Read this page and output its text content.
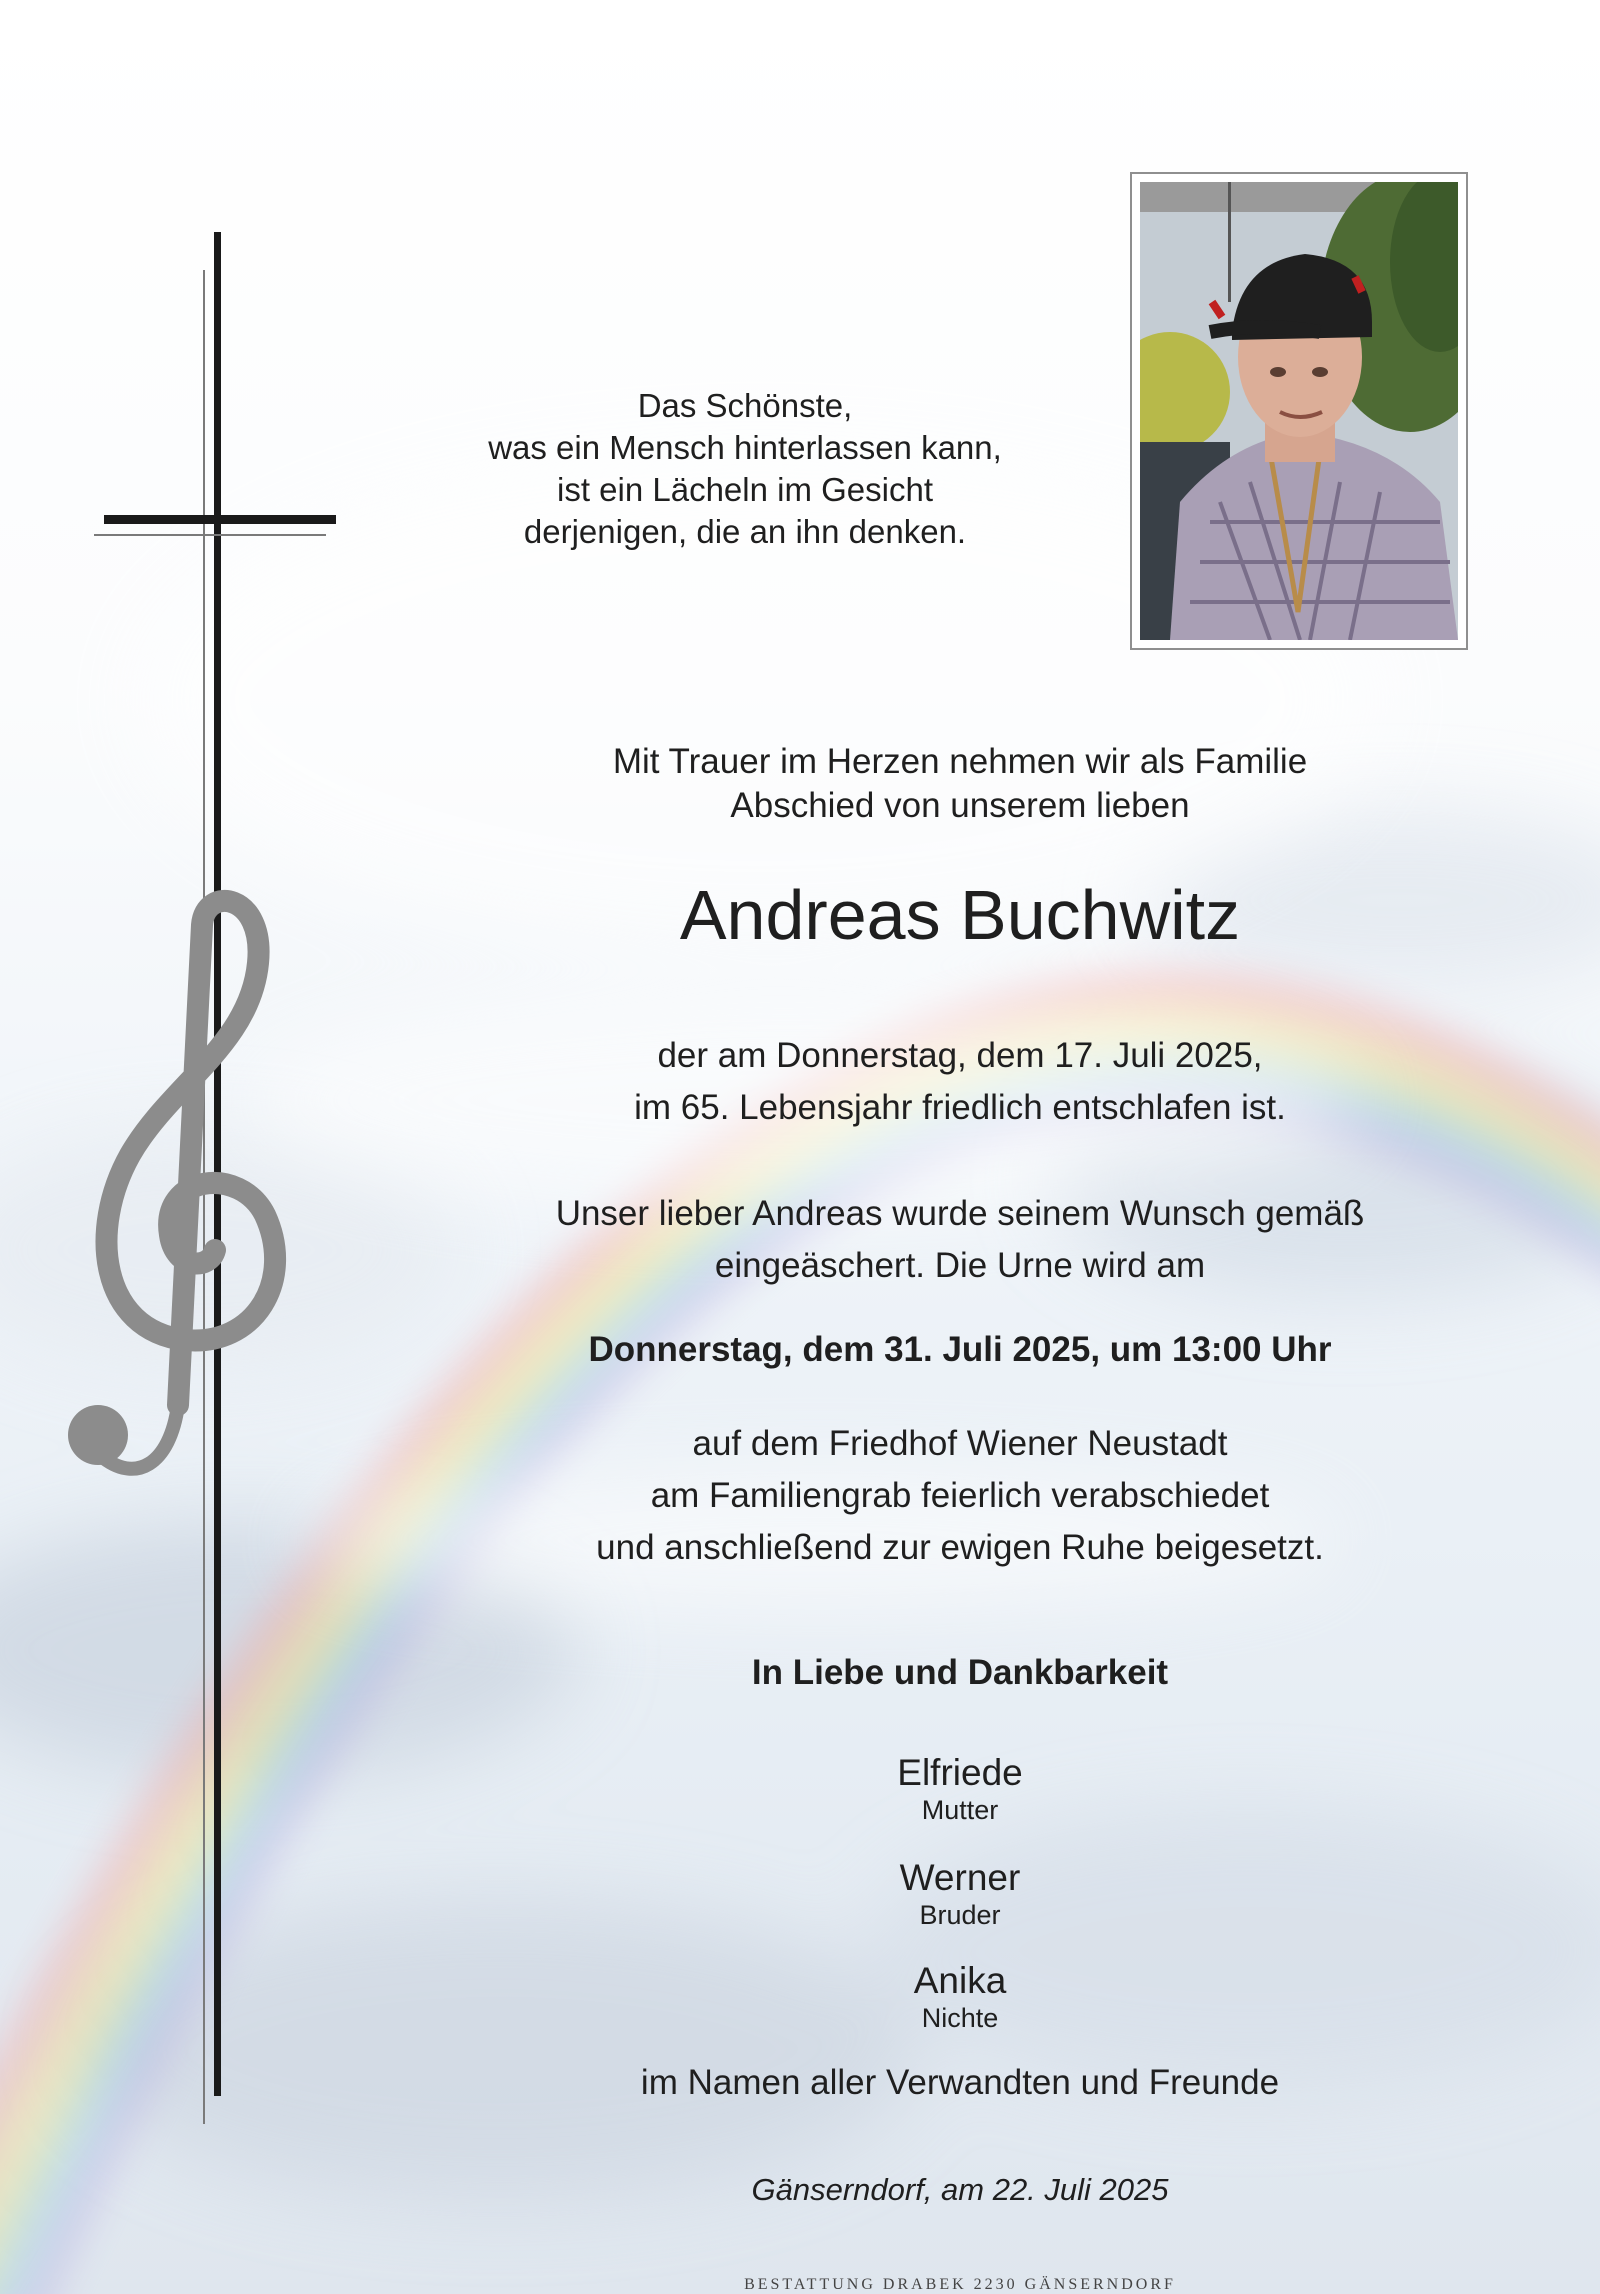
Das Schönste,
was ein Mensch hinterlassen kann,
ist ein Lächeln im Gesicht
derjenigen, die an ihn denken.
Mit Trauer im Herzen nehmen wir als Familie
Abschied von unserem lieben
Andreas Buchwitz
der am Donnerstag, dem 17. Juli 2025,
im 65. Lebensjahr friedlich entschlafen ist.
Unser lieber Andreas wurde seinem Wunsch gemäß
eingeäschert. Die Urne wird am
Donnerstag, dem 31. Juli 2025, um 13:00 Uhr
auf dem Friedhof Wiener Neustadt
am Familiengrab feierlich verabschiedet
und anschließend zur ewigen Ruhe beigesetzt.
In Liebe und Dankbarkeit
Elfriede
Mutter
Werner
Bruder
Anika
Nichte
im Namen aller Verwandten und Freunde
Gänserndorf, am 22. Juli 2025
BESTATTUNG DRABEK 2230 GÄNSERNDORF
